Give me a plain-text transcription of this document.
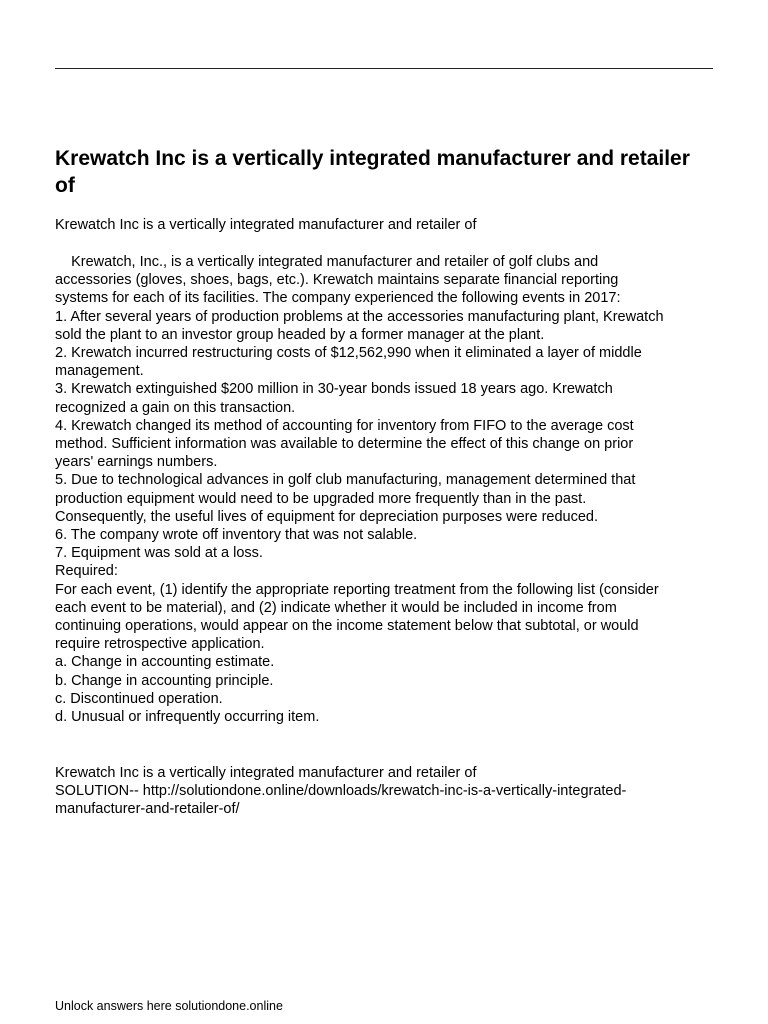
Krewatch Inc is a vertically integrated manufacturer and retailer of

Krewatch Inc is a vertically integrated manufacturer and retailer of

Krewatch, Inc., is a vertically integrated manufacturer and retailer of golf clubs and
accessories (gloves, shoes, bags, etc.). Krewatch maintains separate financial reporting
systems for each of its facilities. The company experienced the following events in 2017:
1. After several years of production problems at the accessories manufacturing plant, Krewatch
sold the plant to an investor group headed by a former manager at the plant.
2. Krewatch incurred restructuring costs of $12,562,990 when it eliminated a layer of middle
management.
3. Krewatch extinguished $200 million in 30-year bonds issued 18 years ago. Krewatch
recognized a gain on this transaction.
4. Krewatch changed its method of accounting for inventory from FIFO to the average cost
method. Sufficient information was available to determine the effect of this change on prior
years' earnings numbers.
5. Due to technological advances in golf club manufacturing, management determined that
production equipment would need to be upgraded more frequently than in the past.
Consequently, the useful lives of equipment for depreciation purposes were reduced.
6. The company wrote off inventory that was not salable.
7. Equipment was sold at a loss.
Required:
For each event, (1) identify the appropriate reporting treatment from the following list (consider
each event to be material), and (2) indicate whether it would be included in income from
continuing operations, would appear on the income statement below that subtotal, or would
require retrospective application.
a. Change in accounting estimate.
b. Change in accounting principle.
c. Discontinued operation.
d. Unusual or infrequently occurring item.
Krewatch Inc is a vertically integrated manufacturer and retailer of
SOLUTION-- http://solutiondone.online/downloads/krewatch-inc-is-a-vertically-integrated-
manufacturer-and-retailer-of/
Unlock answers here solutiondone.online
